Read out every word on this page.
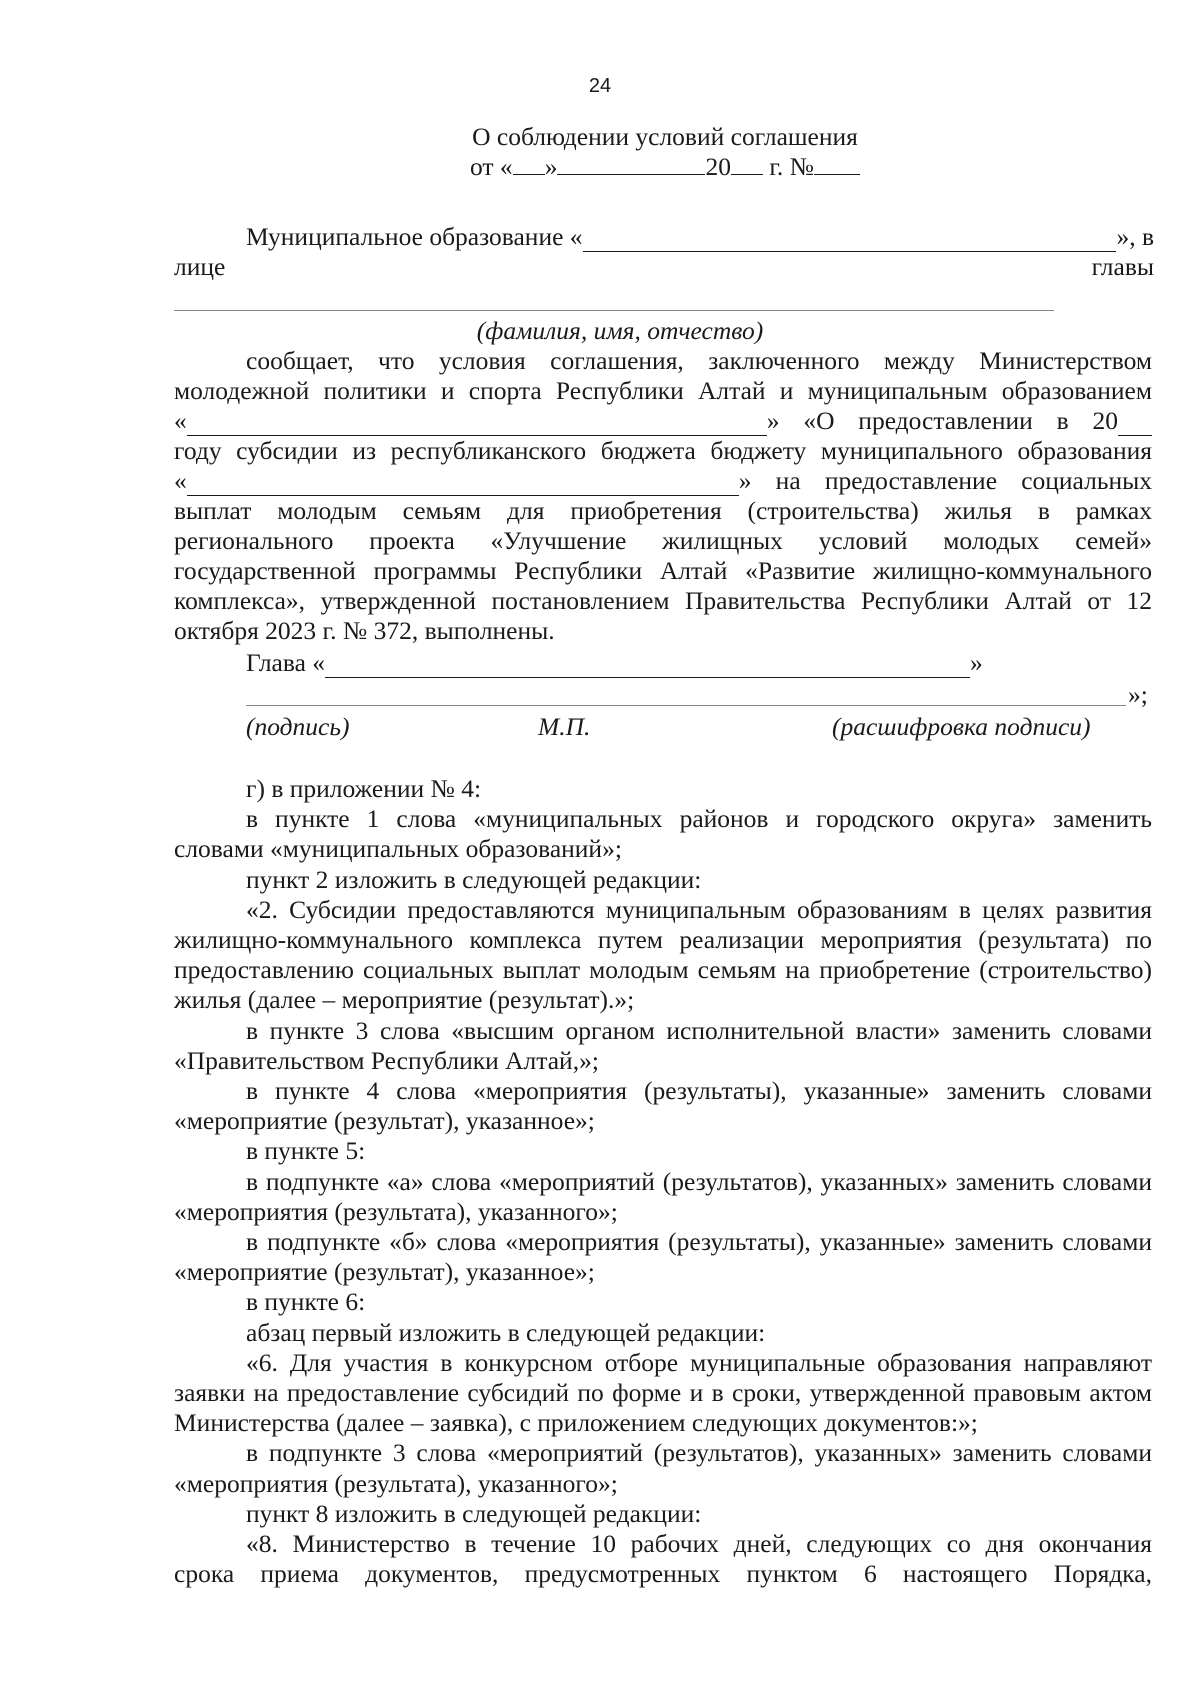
24
О соблюдении условий соглашения
от « »	20 г. №
Муниципальное образование «	», в
лице	главы
(фамилия, имя, отчество)
сообщает, что условия соглашения, заключенного между Министерством
молодежной политики и спорта Республики Алтай и муниципальным образованием
«	» «О предоставлении в 20
году субсидии из республиканского бюджета бюджету муниципального образования
«	» на предоставление социальных
выплат молодым семьям для приобретения (строительства) жилья в рамках
регионального проекта «Улучшение жилищных условий молодых семей»
государственной программы Республики Алтай «Развитие жилищно-коммунального
комплекса», утвержденной постановлением Правительства Республики Алтай от 12
октября 2023 г. № 372, выполнены.
Глава «	»
»;
(подпись)	М.П.	(расшифровка подписи)

г) в приложении № 4:

в пункте 1 слова «муниципальных районов и городского округа» заменить словами «муниципальных образований»;

пункт 2 изложить в следующей редакции:

«2. Субсидии предоставляются муниципальным образованиям в целях развития жилищно-коммунального комплекса путем реализации мероприятия (результата) по предоставлению социальных выплат молодым семьям на приобретение (строительство) жилья (далее – мероприятие (результат).»;

в пункте 3 слова «высшим органом исполнительной власти» заменить словами «Правительством Республики Алтай,»;

в пункте 4 слова «мероприятия (результаты), указанные» заменить словами «мероприятие (результат), указанное»;

в пункте 5:

в подпункте «а» слова «мероприятий (результатов), указанных» заменить словами «мероприятия (результата), указанного»;

в подпункте «б» слова «мероприятия (результаты), указанные» заменить словами «мероприятие (результат), указанное»;

в пункте 6:

абзац первый изложить в следующей редакции:

«6. Для участия в конкурсном отборе муниципальные образования направляют заявки на предоставление субсидий по форме и в сроки, утвержденной правовым актом Министерства (далее – заявка), с приложением следующих документов:»;

в подпункте 3 слова «мероприятий (результатов), указанных» заменить словами «мероприятия (результата), указанного»;

пункт 8 изложить в следующей редакции:

«8. Министерство в течение 10 рабочих дней, следующих со дня окончания
срока приема документов, предусмотренных пунктом 6 настоящего Порядка,
